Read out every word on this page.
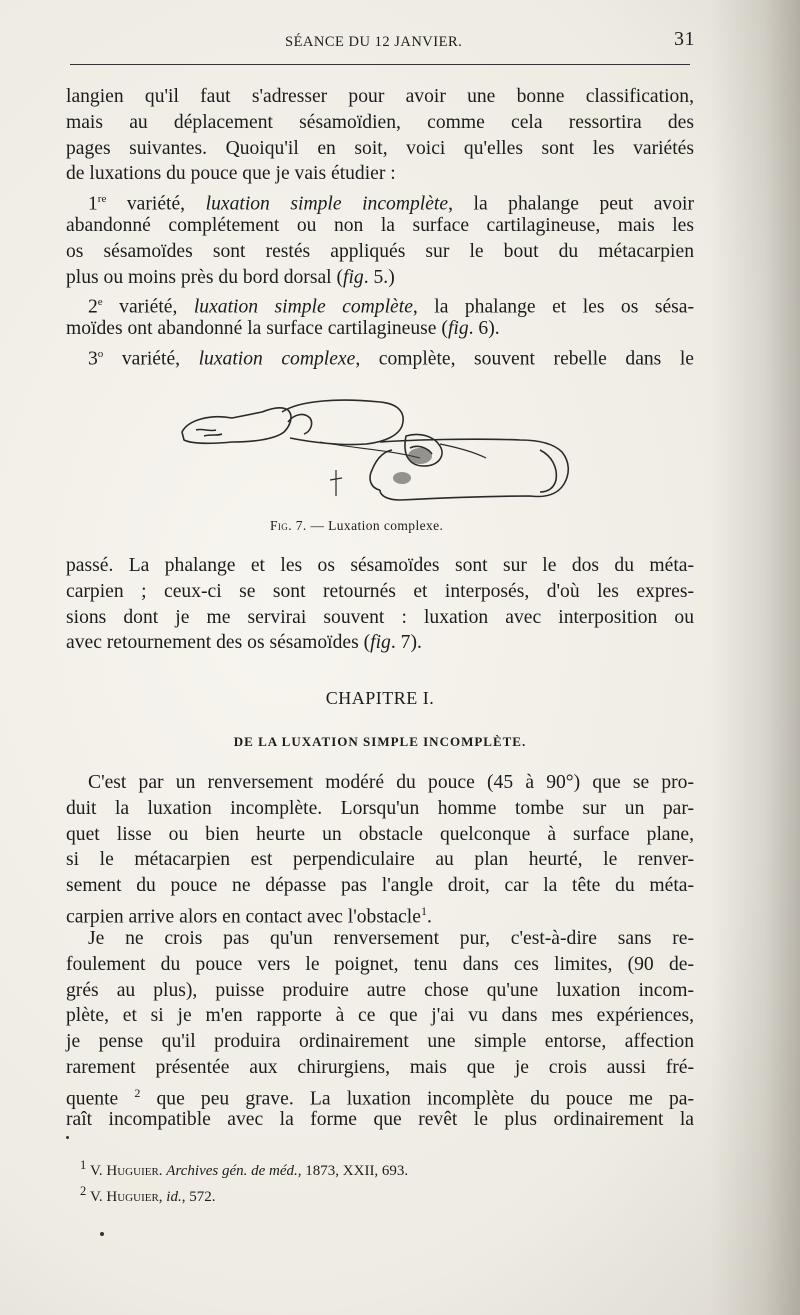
SÉANCE DU 12 JANVIER.	31
langien qu'il faut s'adresser pour avoir une bonne classification,
mais au déplacement sésamoïdien, comme cela ressortira des
pages suivantes. Quoiqu'il en soit, voici qu'elles sont les variétés
de luxations du pouce que je vais étudier :
1re variété, luxation simple incomplète, la phalange peut avoir
abandonné complétement ou non la surface cartilagineuse, mais les
os sésamoïdes sont restés appliqués sur le bout du métacarpien
plus ou moins près du bord dorsal (fig. 5.)
2e variété, luxation simple complète, la phalange et les os sésa-
moïdes ont abandonné la surface cartilagineuse (fig. 6).
3$^o$ variété, luxation complexe, complète, souvent rebelle dans le
Fig. 7. — Luxation complexe.
passé. La phalange et les os sésamoïdes sont sur le dos du méta-
carpien ; ceux-ci se sont retournés et interposés, d'où les expres-
sions dont je me servirai souvent : luxation avec interposition ou
avec retournement des os sésamoïdes (fig. 7).
CHAPITRE I.
DE LA LUXATION SIMPLE INCOMPLÈTE.
C'est par un renversement modéré du pouce (45 à 90°) que se pro-
duit la luxation incomplète. Lorsqu'un homme tombe sur un par-
quet lisse ou bien heurte un obstacle quelconque à surface plane,
si le métacarpien est perpendiculaire au plan heurté, le renver-
sement du pouce ne dépasse pas l'angle droit, car la tête du méta-
carpien arrive alors en contact avec l'obstacle$^1$.
Je ne crois pas qu'un renversement pur, c'est-à-dire sans re-
foulement du pouce vers le poignet, tenu dans ces limites, (90 de-
grés au plus), puisse produire autre chose qu'une luxation incom-
plète, et si je m'en rapporte à ce que j'ai vu dans mes expériences,
je pense qu'il produira ordinairement une simple entorse, affection
rarement présentée aux chirurgiens, mais que je crois aussi fré-
quente $^2$ que peu grave. La luxation incomplète du pouce me pa-
raît incompatible avec la forme que revêt le plus ordinairement la
$^1$ V. Huguier. Archives gén. de méd., 1873, XXII, 693.
$^2$ V. Huguier, id., 572.
